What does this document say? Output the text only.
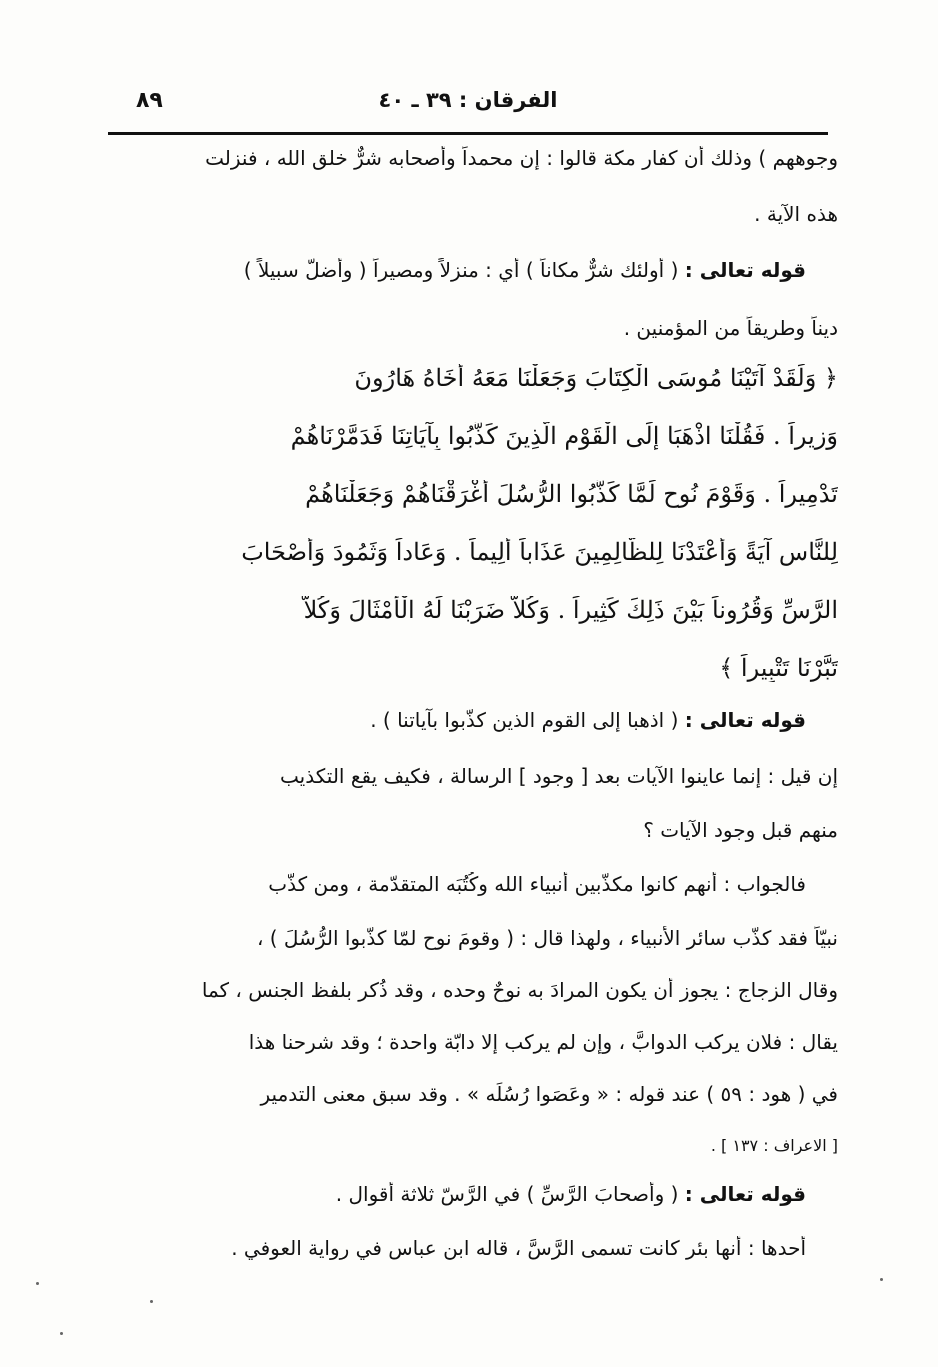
الفرقان : ٣٩ ـ ٤٠
٨٩
وجوههم ) وذلك أن كفار مكة قالوا : إن محمداً وأصحابه شرٌّ خلق الله ، فنزلت
هذه الآية .
قوله تعالى : ( أولئك شرٌّ مكاناً ) أي : منزلاً ومصيراً ( وأضلّ سبيلاً )
ديناً وطريقاً من المؤمنين .
﴿ وَلَقَدْ آتَيْنَا مُوسَى الْكِتَابَ وَجَعَلْنَا مَعَهُ أَخَاهُ هَارُونَ
وَزِيراً . فَقُلْنَا اذْهَبَا إِلَى الْقَوْمِ الَّذِينَ كَذَّبُوا بِآيَاتِنَا فَدَمَّرْنَاهُمْ
تَدْمِيراً . وَقَوْمَ نُوحٍ لَمَّا كَذَّبُوا الرُّسُلَ أَغْرَقْنَاهُمْ وَجَعَلْنَاهُمْ
لِلنَّاسِ آيَةً وَأَعْتَدْنَا لِلظَّالِمِينَ عَذَاباً أَلِيماً . وَعَاداً وَثَمُودَ وَأَصْحَابَ
الرَّسِّ وَقُرُوناً بَيْنَ ذَلِكَ كَثِيراً . وَكُلاًّ ضَرَبْنَا لَهُ الْأَمْثَالَ وَكُلاًّ
تَبَّرْنَا تَتْبِيراً ﴾
قوله تعالى : ( اذهبا إلى القوم الذين كذّبوا بآياتنا ) .
إن قيل : إنما عاينوا الآيات بعد [ وجود ] الرسالة ، فكيف يقع التكذيب
منهم قبل وجود الآيات ؟
فالجواب : أنهم كانوا مكذّبين أنبياء الله وكُتُبَه المتقدّمة ، ومن كذّب
نبيّاً فقد كذّب سائر الأنبياء ، ولهذا قال : ( وقومَ نوحٍ لمّا كذّبوا الرُّسُلَ ) ،
وقال الزجاج : يجوز أن يكون المرادَ به نوحٌ وحده ، وقد ذُكر بلفظ الجنس ، كما
يقال : فلان يركب الدوابَّ ، وإن لم يركب إلا دابّة واحدة ؛ وقد شرحنا هذا
في ( هود : ٥٩ ) عند قوله : « وعَصَوا رُسُلَه » . وقد سبق معنى التدمير
[ الاعراف : ١٣٧ ] .
قوله تعالى : ( وأصحابَ الرَّسِّ ) في الرَّسّ ثلاثة أقوال .
أحدها : أنها بئر كانت تسمى الرَّسَّ ، قاله ابن عباس في رواية العوفي .
